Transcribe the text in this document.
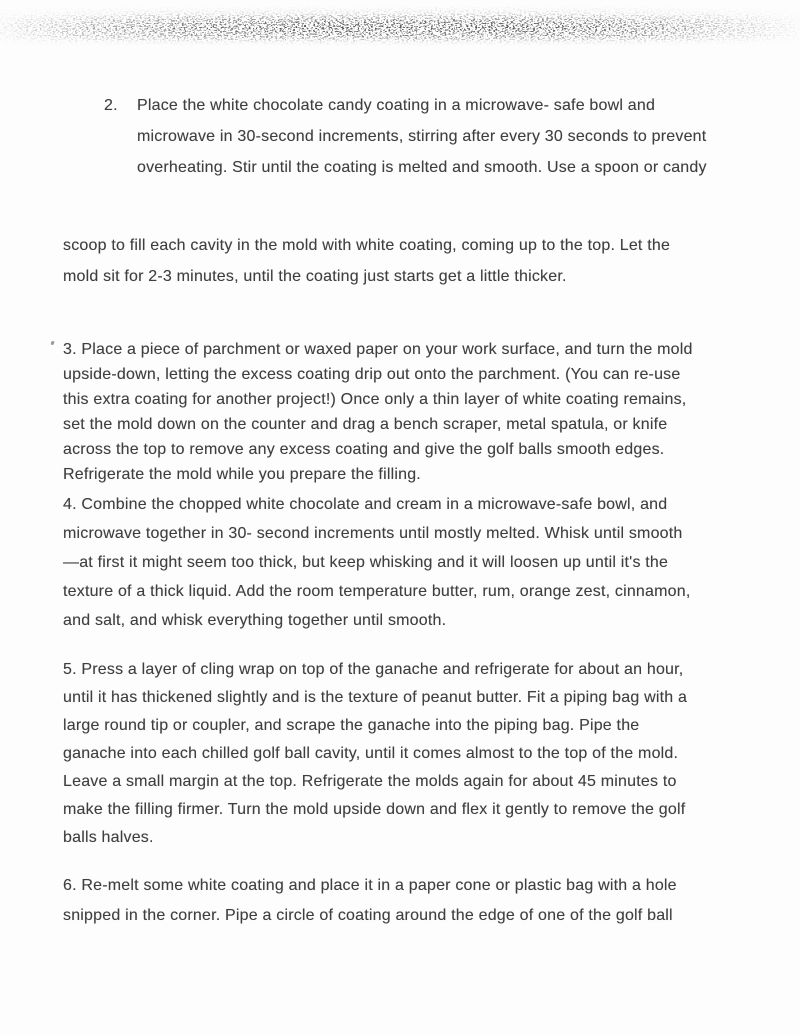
2. Place the white chocolate candy coating in a microwave- safe bowl and
microwave in 30-second increments, stirring after every 30 seconds to prevent
overheating. Stir until the coating is melted and smooth. Use a spoon or candy
scoop to fill each cavity in the mold with white coating, coming up to the top. Let the
mold sit for 2-3 minutes, until the coating just starts get a little thicker.
3. Place a piece of parchment or waxed paper on your work surface, and turn the mold
upside-down, letting the excess coating drip out onto the parchment. (You can re-use
this extra coating for another project!) Once only a thin layer of white coating remains,
set the mold down on the counter and drag a bench scraper, metal spatula, or knife
across the top to remove any excess coating and give the golf balls smooth edges.
Refrigerate the mold while you prepare the filling.
4. Combine the chopped white chocolate and cream in a microwave-safe bowl, and
microwave together in 30- second increments until mostly melted. Whisk until smooth
—at first it might seem too thick, but keep whisking and it will loosen up until it's the
texture of a thick liquid. Add the room temperature butter, rum, orange zest, cinnamon,
and salt, and whisk everything together until smooth.
5. Press a layer of cling wrap on top of the ganache and refrigerate for about an hour,
until it has thickened slightly and is the texture of peanut butter. Fit a piping bag with a
large round tip or coupler, and scrape the ganache into the piping bag. Pipe the
ganache into each chilled golf ball cavity, until it comes almost to the top of the mold.
Leave a small margin at the top. Refrigerate the molds again for about 45 minutes to
make the filling firmer. Turn the mold upside down and flex it gently to remove the golf
balls halves.
6. Re-melt some white coating and place it in a paper cone or plastic bag with a hole
snipped in the corner. Pipe a circle of coating around the edge of one of the golf ball
